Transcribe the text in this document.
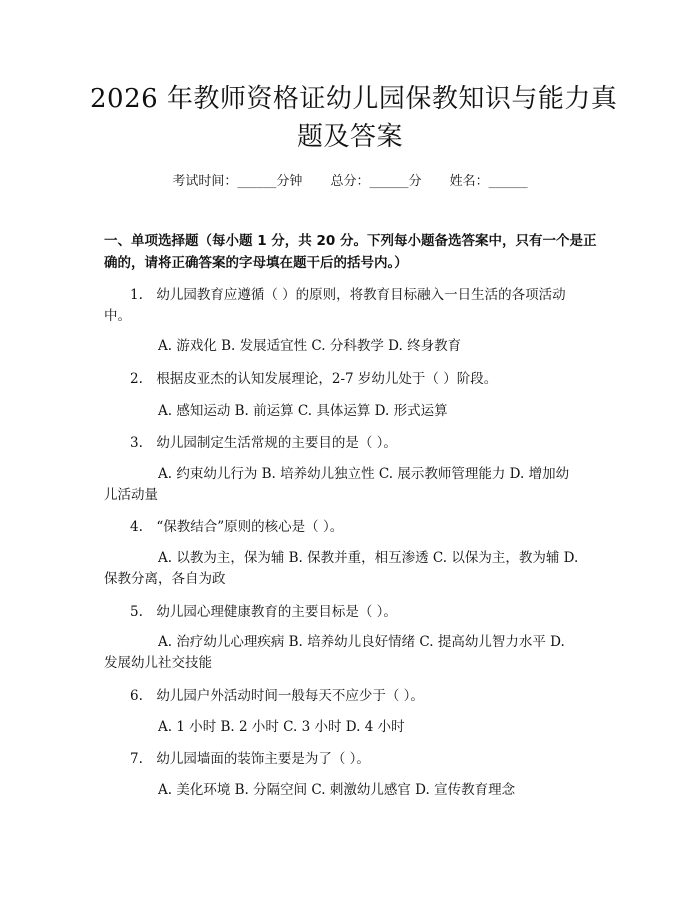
2026 年教师资格证幼儿园保教知识与能力真
题及答案
考试时间：______分钟 总分：______分 姓名：______
一、单项选择题（每小题 1 分，共 20 分。下列每小题备选答案中，只有一个是正
确的，请将正确答案的字母填在题干后的括号内。）
1.　幼儿园教育应遵循（ ）的原则，将教育目标融入一日生活的各项活动
中。
A. 游戏化 B. 发展适宜性 C. 分科教学 D. 终身教育
2.　根据皮亚杰的认知发展理论，2-7 岁幼儿处于（ ）阶段。
A. 感知运动 B. 前运算 C. 具体运算 D. 形式运算
3.　幼儿园制定生活常规的主要目的是（ ）。
A. 约束幼儿行为 B. 培养幼儿独立性 C. 展示教师管理能力 D. 增加幼
儿活动量
4.　“保教结合”原则的核心是（ ）。
A. 以教为主，保为辅 B. 保教并重，相互渗透 C. 以保为主，教为辅 D.
保教分离，各自为政
5.　幼儿园心理健康教育的主要目标是（ ）。
A. 治疗幼儿心理疾病 B. 培养幼儿良好情绪 C. 提高幼儿智力水平 D.
发展幼儿社交技能
6.　幼儿园户外活动时间一般每天不应少于（ ）。
A. 1 小时 B. 2 小时 C. 3 小时 D. 4 小时
7.　幼儿园墙面的装饰主要是为了（ ）。
A. 美化环境 B. 分隔空间 C. 刺激幼儿感官 D. 宣传教育理念
